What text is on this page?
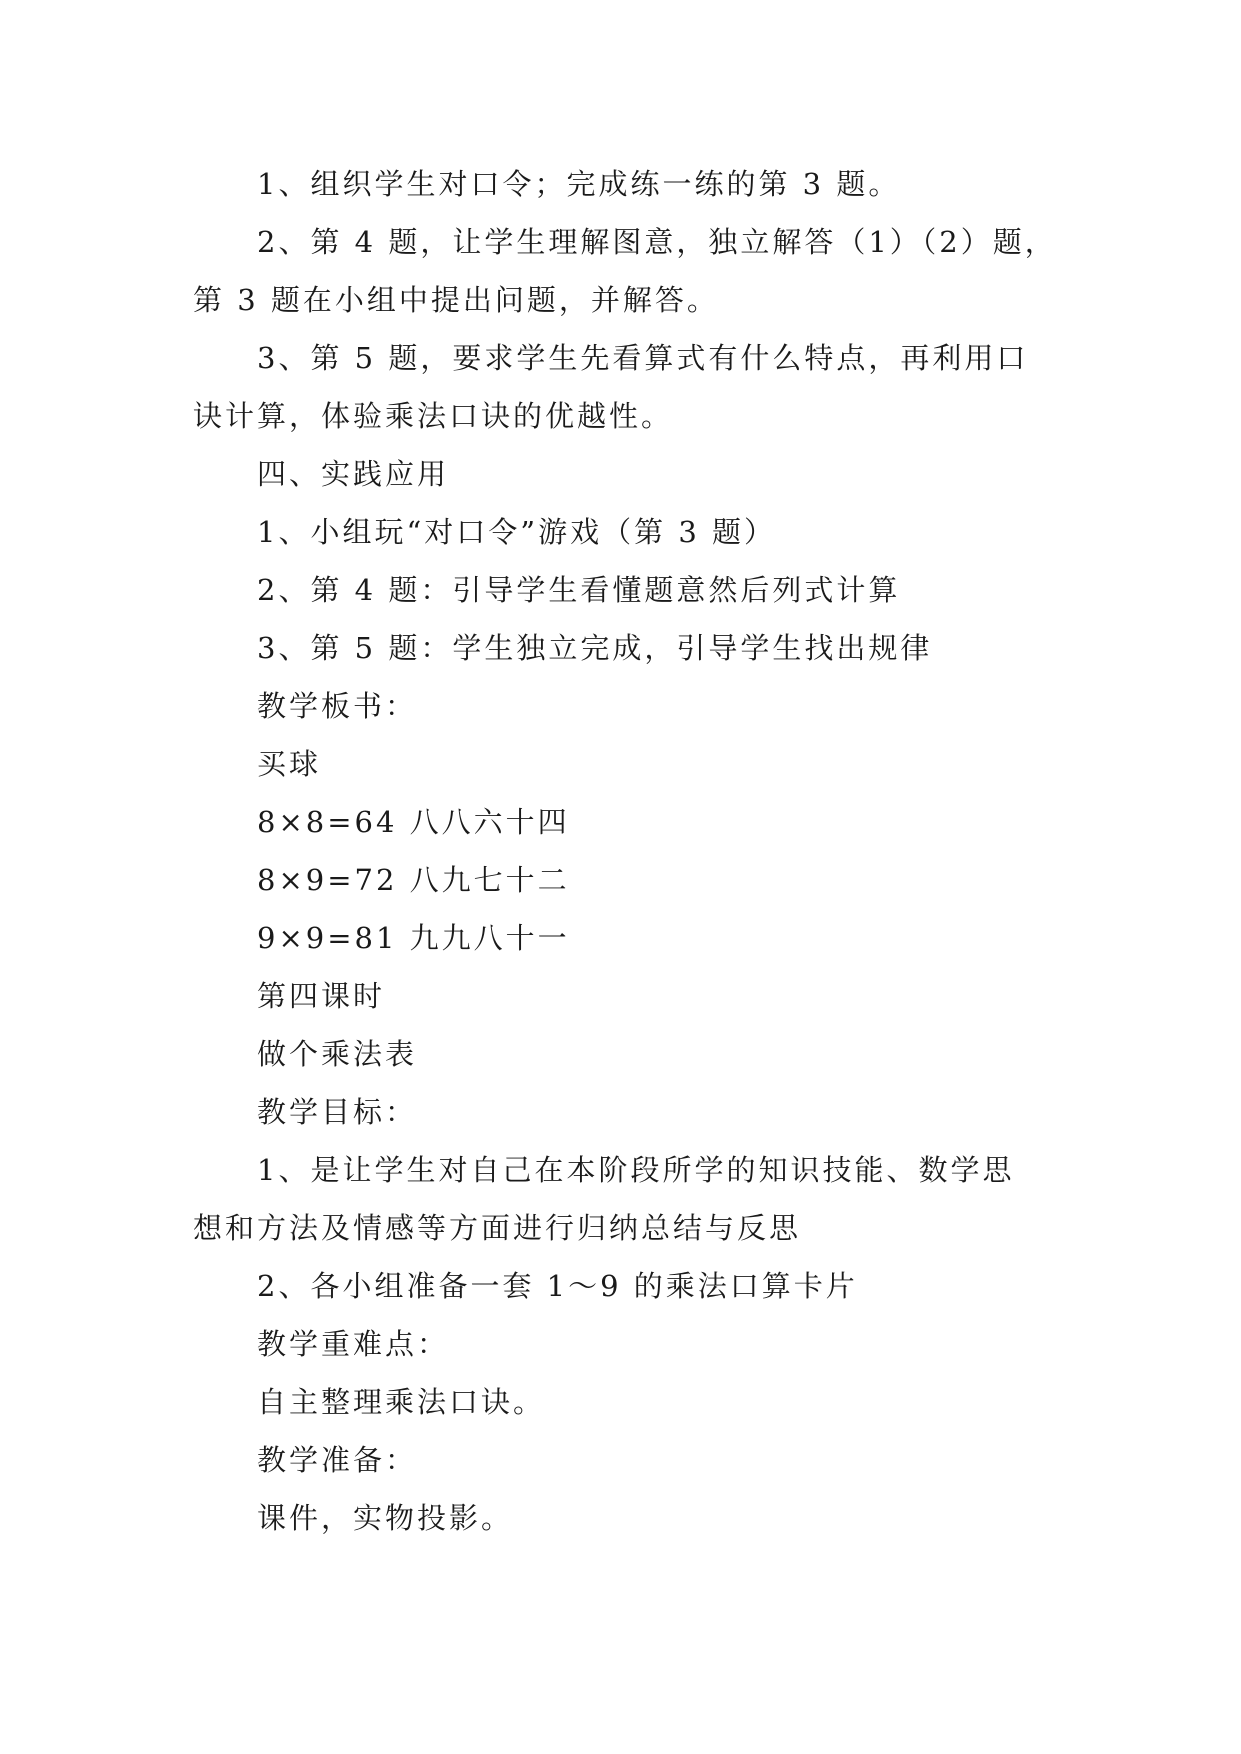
1、组织学生对口令；完成练一练的第 3 题。
2、第 4 题，让学生理解图意，独立解答（1）（2）题，
第 3 题在小组中提出问题，并解答。
3、第 5 题，要求学生先看算式有什么特点，再利用口
诀计算，体验乘法口诀的优越性。
四、实践应用
1、小组玩“对口令”游戏（第 3 题）
2、第 4 题：引导学生看懂题意然后列式计算
3、第 5 题：学生独立完成，引导学生找出规律
教学板书：
买球
8×8=64 八八六十四
8×9=72 八九七十二
9×9=81 九九八十一
第四课时
做个乘法表
教学目标：
1、是让学生对自己在本阶段所学的知识技能、数学思
想和方法及情感等方面进行归纳总结与反思
2、各小组准备一套 1～9 的乘法口算卡片
教学重难点：
自主整理乘法口诀。
教学准备：
课件，实物投影。
